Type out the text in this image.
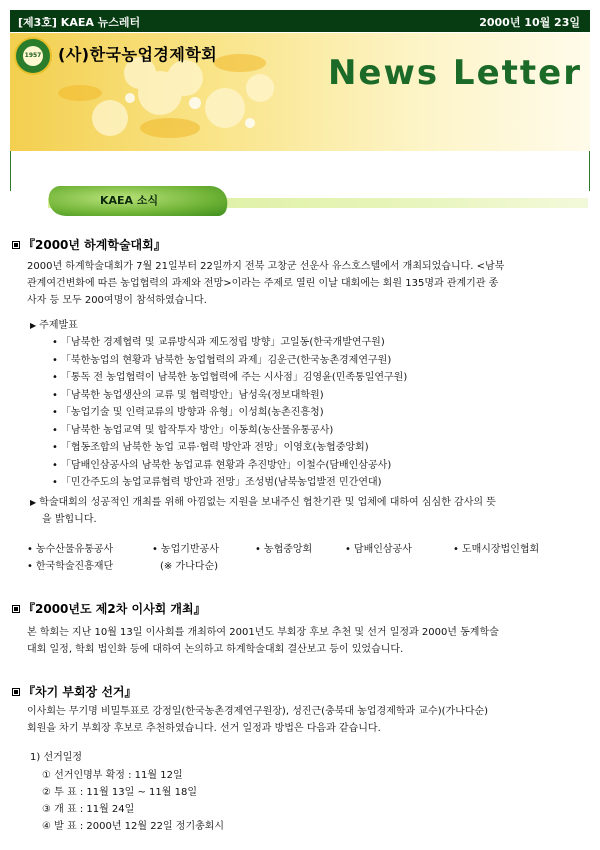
[제3호] KAEA 뉴스레터	2000년 10월 23일
1957 (사)한국농업경제학회	News Letter
KAEA 소식
『2000년 하계학술대회』
2000년 하계학술대회가 7월 21일부터 22일까지 전북 고창군 선운사 유스호스텔에서 개최되었습니다. <남북
관계여건변화에 따른 농업협력의 과제와 전망>이라는 주제로 열린 이날 대회에는 회원 135명과 관계기관 종
사자 등 모두 200여명이 참석하였습니다.
▶ 주제발표
• 「남북한 경제협력 및 교류방식과 제도정립 방향」고일동(한국개발연구원)
• 「북한농업의 현황과 남북한 농업협력의 과제」김운근(한국농촌경제연구원)
• 「통독 전 농업협력이 남북한 농업협력에 주는 시사점」김영윤(민족통일연구원)
• 「남북한 농업생산의 교류 및 협력방안」남성욱(정보대학원)
• 「농업기술 및 인력교류의 방향과 유형」이성희(농촌진흥청)
• 「남북한 농업교역 및 합작투자 방안」이동희(농산물유통공사)
• 「협동조합의 남북한 농업 교류·협력 방안과 전망」이영호(농협중앙회)
• 「담배인삼공사의 남북한 농업교류 현황과 추진방안」이철수(담배인삼공사)
• 「민간주도의 농업교류협력 방안과 전망」조성범(남북농업발전 민간연대)
▶ 학술대회의 성공적인 개최를 위해 아낌없는 지원을 보내주신 협찬기관 및 업체에 대하여 심심한 감사의 뜻
을 밝힙니다.
• 농수산물유통공사	• 농업기반공사	• 농협중앙회	• 담배인삼공사	• 도매시장법인협회
• 한국학술진흥재단	(※ 가나다순)
『2000년도 제2차 이사회 개최』
본 학회는 지난 10월 13일 이사회를 개최하여 2001년도 부회장 후보 추천 및 선거 일정과 2000년 동계학술
대회 일정, 학회 법인화 등에 대하여 논의하고 하계학술대회 결산보고 등이 있었습니다.
『차기 부회장 선거』
이사회는 무기명 비밀투표로 강정일(한국농촌경제연구원장), 성진근(충북대 농업경제학과 교수)(가나다순)
회원을 차기 부회장 후보로 추천하였습니다. 선거 일정과 방법은 다음과 같습니다.
1) 선거일정
① 선거인명부 확정 : 11월 12일
② 투 표 : 11월 13일 ~ 11월 18일
③ 개 표 : 11월 24일
④ 발 표 : 2000년 12월 22일 정기총회시
